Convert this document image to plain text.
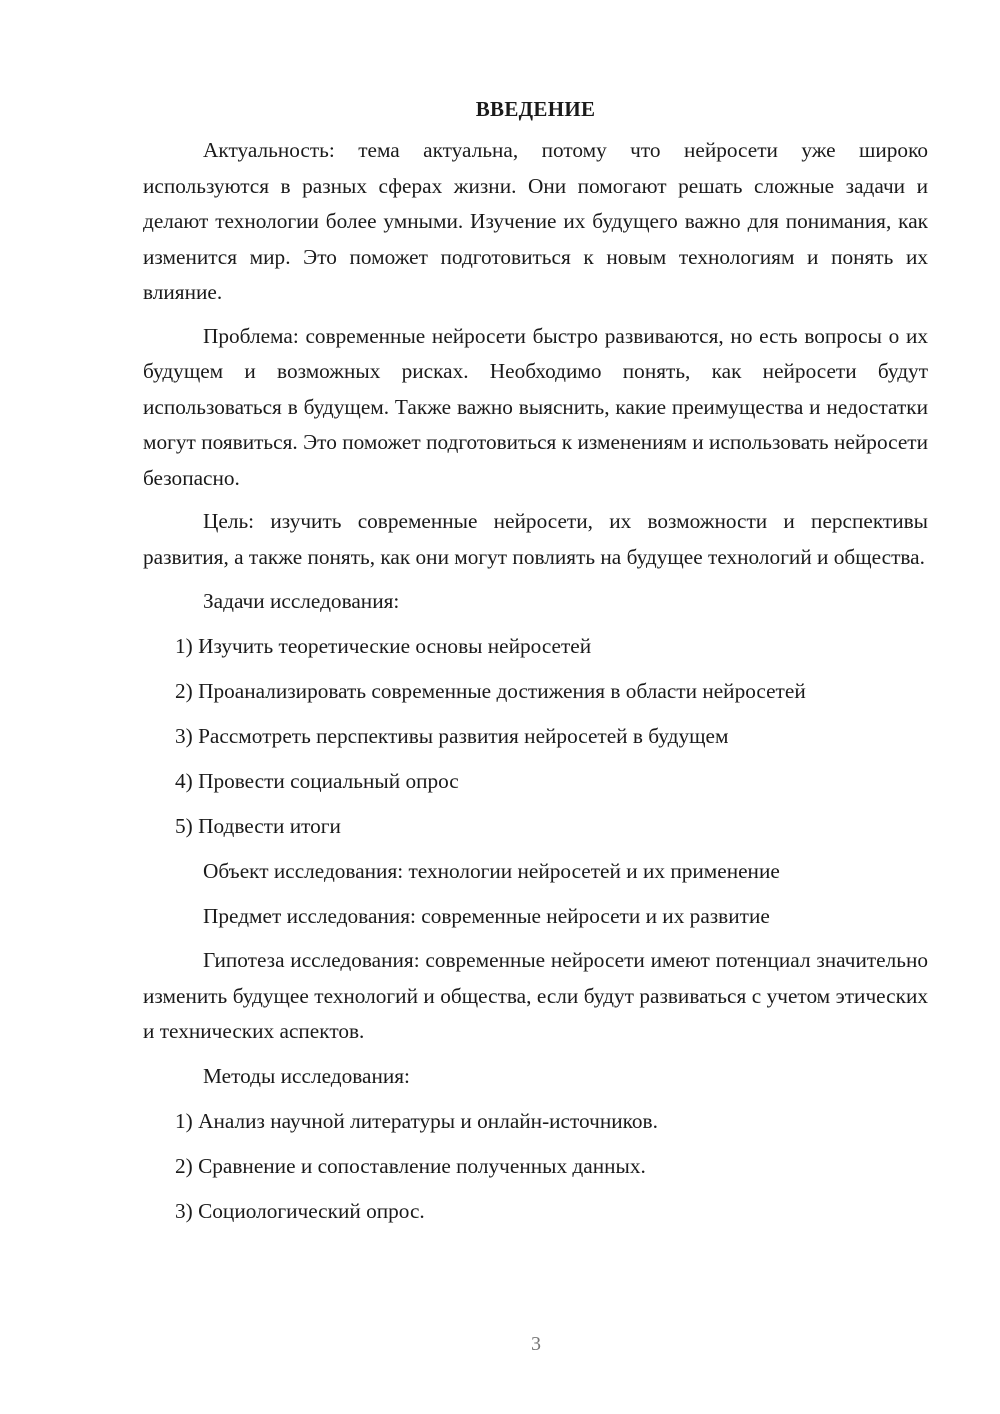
ВВЕДЕНИЕ

Актуальность: тема актуальна, потому что нейросети уже широко используются в разных сферах жизни. Они помогают решать сложные задачи и делают технологии более умными. Изучение их будущего важно для понимания, как изменится мир. Это поможет подготовиться к новым технологиям и понять их влияние.

Проблема: современные нейросети быстро развиваются, но есть вопросы о их будущем и возможных рисках. Необходимо понять, как нейросети будут использоваться в будущем. Также важно выяснить, какие преимущества и недостатки могут появиться. Это поможет подготовиться к изменениям и использовать нейросети безопасно.

Цель: изучить современные нейросети, их возможности и перспективы развития, а также понять, как они могут повлиять на будущее технологий и общества.

Задачи исследования:
1) Изучить теоретические основы нейросетей
2) Проанализировать современные достижения в области нейросетей
3) Рассмотреть перспективы развития нейросетей в будущем
4) Провести социальный опрос
5) Подвести итоги
Объект исследования: технологии нейросетей и их применение
Предмет исследования: современные нейросети и их развитие

Гипотеза исследования: современные нейросети имеют потенциал значительно изменить будущее технологий и общества, если будут развиваться с учетом этических и технических аспектов.

Методы исследования:
1) Анализ научной литературы и онлайн-источников.
2) Сравнение и сопоставление полученных данных.
3) Социологический опрос.
3
